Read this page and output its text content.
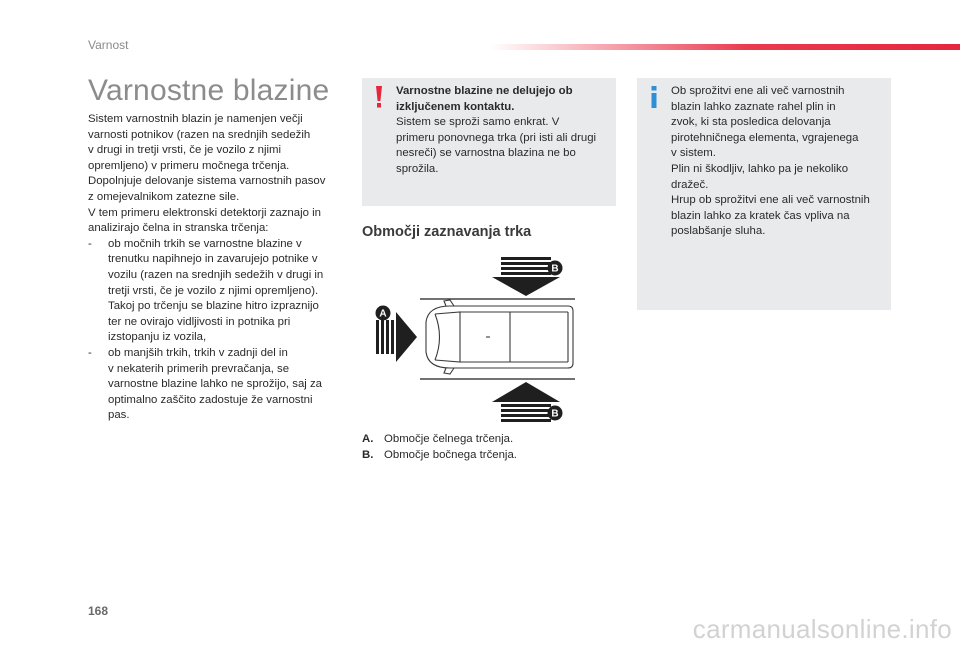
Varnost
Varnostne blazine

Sistem varnostnih blazin je namenjen večji

varnosti potnikov (razen na srednjih sedežih

v drugi in tretji vrsti, če je vozilo z njimi

opremljeno) v primeru močnega trčenja.

Dopolnjuje delovanje sistema varnostnih pasov

z omejevalnikom zatezne sile.

V tem primeru elektronski detektorji zaznajo in

analizirajo čelna in stranska trčenja:

- ob močnih trkih se varnostne blazine v
trenutku napihnejo in zavarujejo potnike v
vozilu (razen na srednjih sedežih v drugi in
tretji vrsti, če je vozilo z njimi opremljeno).
Takoj po trčenju se blazine hitro izpraznijo
ter ne ovirajo vidljivosti in potnika pri
izstopanju iz vozila,
- ob manjših trkih, trkih v zadnji del in
v nekaterih primerih prevračanja, se
varnostne blazine lahko ne sprožijo, saj za
optimalno zaščito zadostuje že varnostni
pas.

Varnostne blazine ne delujejo ob

izključenem kontaktu.

Sistem se sproži samo enkrat. V

primeru ponovnega trka (pri isti ali drugi

nesreči) se varnostna blazina ne bo

sprožila.

Ob sprožitvi ene ali več varnostnih

blazin lahko zaznate rahel plin in

zvok, ki sta posledica delovanja

pirotehničnega elementa, vgrajenega

v sistem.

Plin ni škodljiv, lahko pa je nekoliko

dražeč.

Hrup ob sprožitvi ene ali več varnostnih

blazin lahko za kratek čas vpliva na

poslabšanje sluha.

Območji zaznavanja trka
B
A
B
A. Območje čelnega trčenja.
B. Območje bočnega trčenja.
168
carmanualsonline.info
